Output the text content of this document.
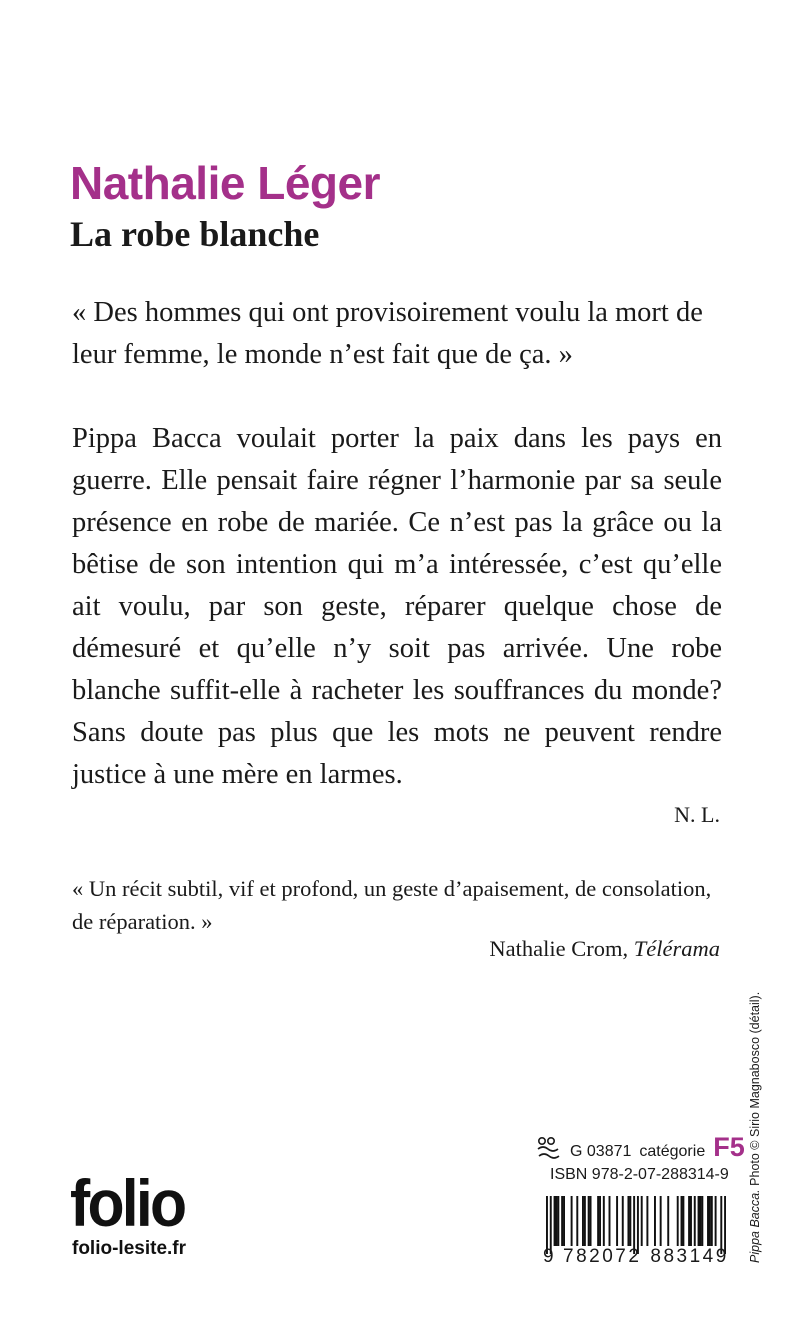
Nathalie Léger
La robe blanche

« Des hommes qui ont provisoirement voulu la mort de leur femme, le monde n’est fait que de ça. »

Pippa Bacca voulait porter la paix dans les pays en guerre. Elle pensait faire régner l’harmonie par sa seule présence en robe de mariée. Ce n’est pas la grâce ou la bêtise de son intention qui m’a intéressée, c’est qu’elle ait voulu, par son geste, réparer quelque chose de démesuré et qu’elle n’y soit pas arrivée. Une robe blanche suffit-elle à racheter les souffrances du monde? Sans doute pas plus que les mots ne peuvent rendre justice à une mère en larmes.

N. L.

« Un récit subtil, vif et profond, un geste d’apaisement, de consolation, de réparation. »

Nathalie Crom, Télérama

Pippa Bacca. Photo © Sirio Magnabosco (détail).

folio
folio-lesite.fr
G 03871 catégorie F5

ISBN 978-2-07-288314-9

9 782072 883149
